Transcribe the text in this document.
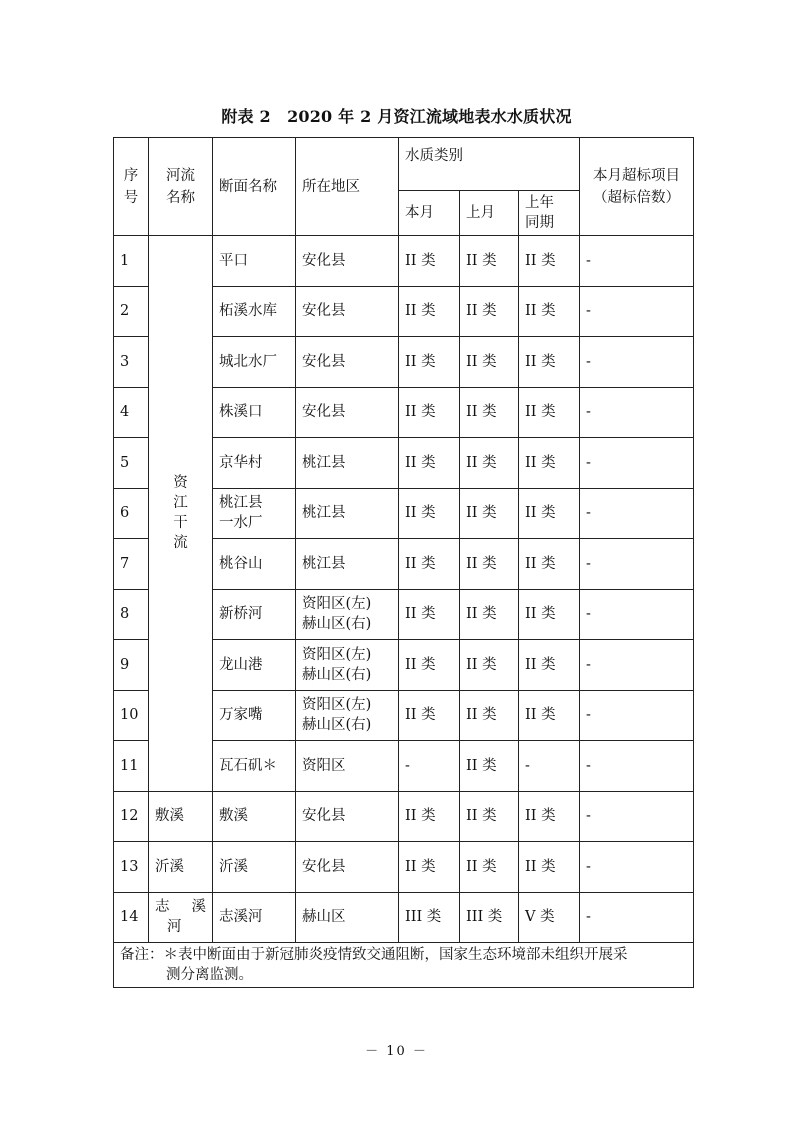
附表 2　2020 年 2 月资江流域地表水水质状况
序号	河流名称	断面名称	所在地区	水质类别			本月超标项目（超标倍数）

				本月	上月	上年同期	

1	资
江
干
流	平口	安化县	II 类	II 类	II 类	-
2		柘溪水库	安化县	II 类	II 类	II 类	-
3		城北水厂	安化县	II 类	II 类	II 类	-
4		株溪口	安化县	II 类	II 类	II 类	-
5		京华村	桃江县	II 类	II 类	II 类	-
6		桃江县
一水厂	桃江县	II 类	II 类	II 类	-
7		桃谷山	桃江县	II 类	II 类	II 类	-
8		新桥河	资阳区(左)
赫山区(右)	II 类	II 类	II 类	-
9		龙山港	资阳区(左)
赫山区(右)	II 类	II 类	II 类	-
10		万家嘴	资阳区(左)
赫山区(右)	II 类	II 类	II 类	-
11		瓦石矶＊	资阳区	-	II 类	-	-
12	敷溪	敷溪	安化县	II 类	II 类	II 类	-
13	沂溪	沂溪	安化县	II 类	II 类	II 类	-
14	志 溪
河	志溪河	赫山区	III 类	III 类	V 类	-
备注：＊表中断面由于新冠肺炎疫情致交通阻断，国家生态环境部未组织开展采
测分离监测。							
－ 10 －
